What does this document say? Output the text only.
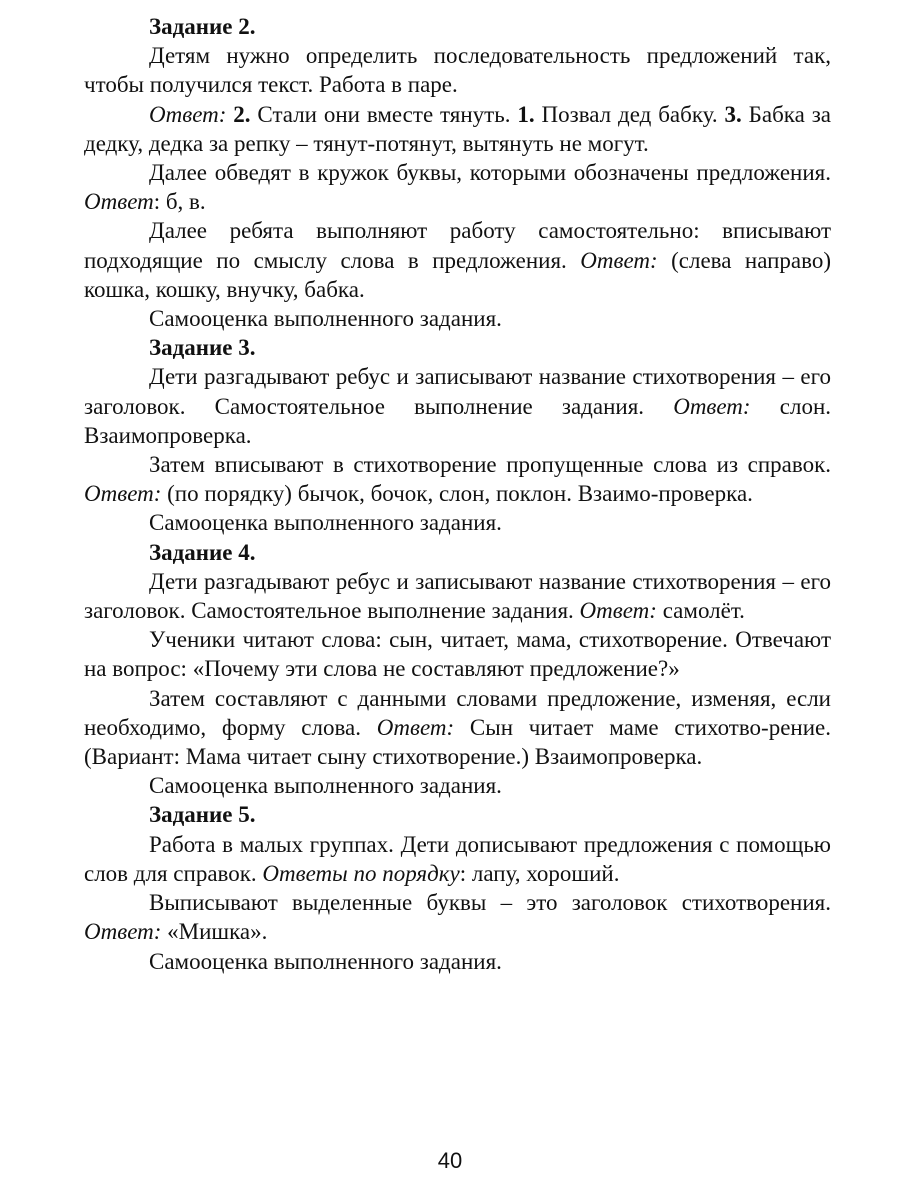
Задание 2.

Детям нужно определить последовательность предложений так, чтобы получился текст. Работа в паре.

Ответ: 2. Стали они вместе тянуть. 1. Позвал дед бабку. 3. Бабка за дедку, дедка за репку – тянут-потянут, вытянуть не могут.

Далее обведят в кружок буквы, которыми обозначены предложения. Ответ: б, в.

Далее ребята выполняют работу самостоятельно: вписывают подходящие по смыслу слова в предложения. Ответ: (слева направо) кошка, кошку, внучку, бабка.

Самооценка выполненного задания.

Задание 3.

Дети разгадывают ребус и записывают название стихотворения – его заголовок. Самостоятельное выполнение задания. Ответ: слон. Взаимопроверка.

Затем вписывают в стихотворение пропущенные слова из справок. Ответ: (по порядку) бычок, бочок, слон, поклон. Взаимо-проверка.

Самооценка выполненного задания.

Задание 4.

Дети разгадывают ребус и записывают название стихотворения – его заголовок. Самостоятельное выполнение задания. Ответ: самолёт.

Ученики читают слова: сын, читает, мама, стихотворение. Отвечают на вопрос: «Почему эти слова не составляют предложение?»

Затем составляют с данными словами предложение, изменяя, если необходимо, форму слова. Ответ: Сын читает маме стихотво-рение. (Вариант: Мама читает сыну стихотворение.) Взаимопроверка.

Самооценка выполненного задания.

Задание 5.

Работа в малых группах. Дети дописывают предложения с помощью слов для справок. Ответы по порядку: лапу, хороший.

Выписывают выделенные буквы – это заголовок стихотворения. Ответ: «Мишка».

Самооценка выполненного задания.

40
